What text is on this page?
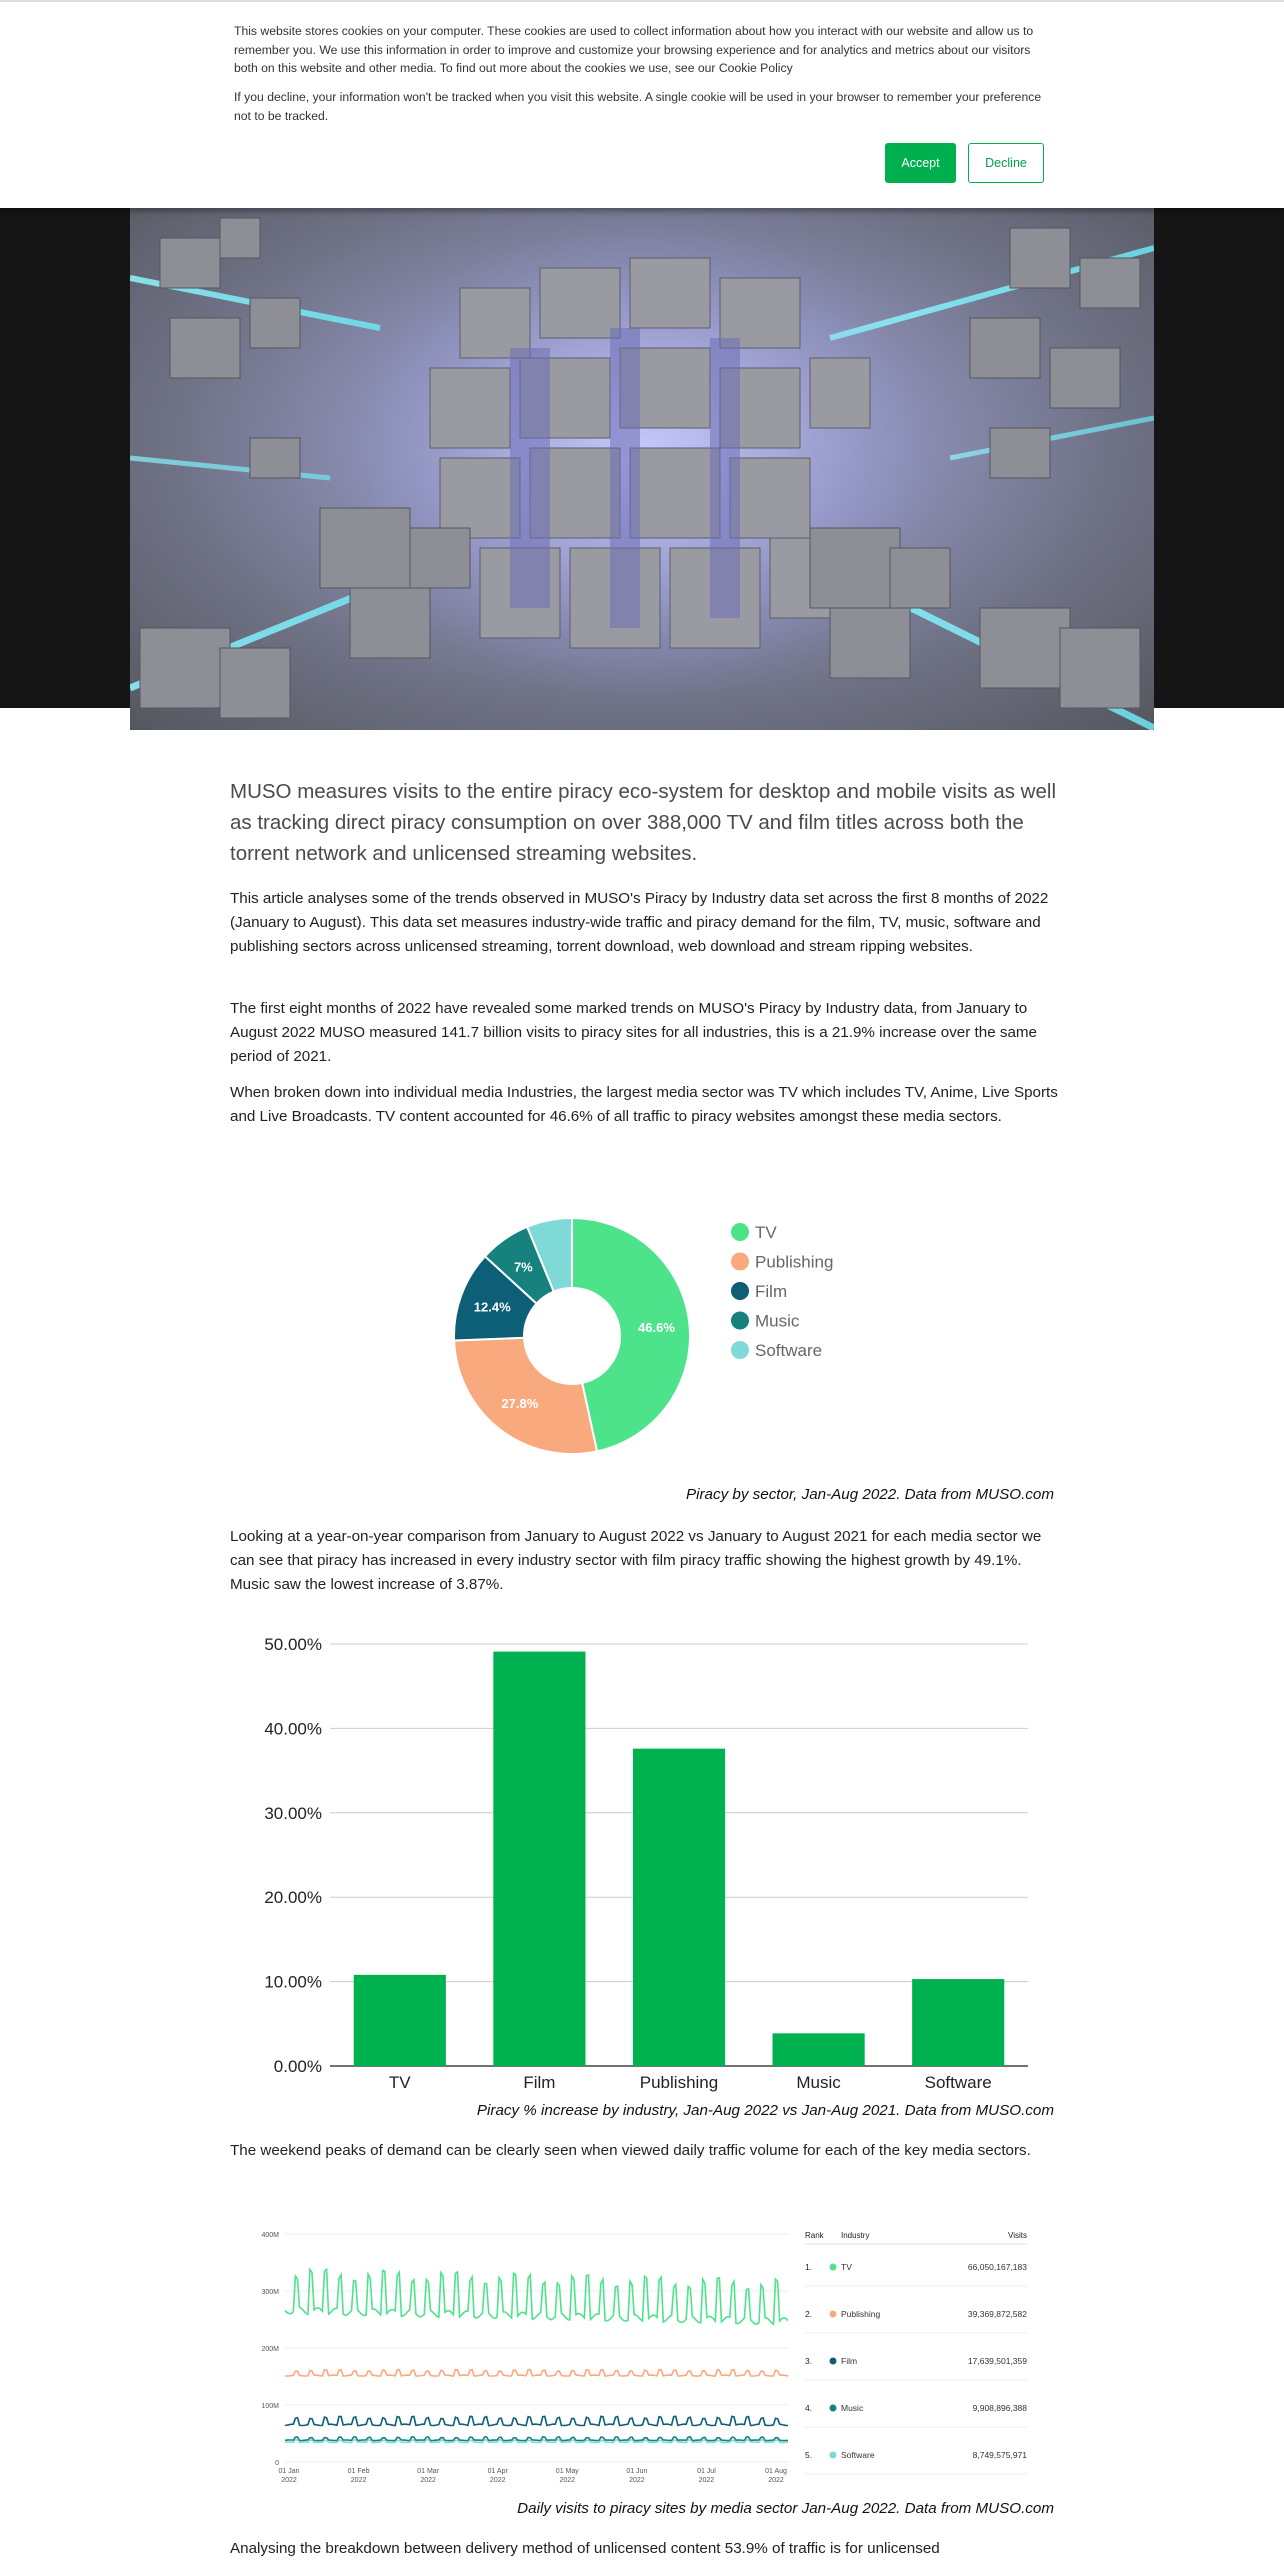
This website stores cookies on your computer. These cookies are used to collect information about how you interact with our website and allow us to remember you. We use this information in order to improve and customize your browsing experience and for analytics and metrics about our visitors both on this website and other media. To find out more about the cookies we use, see our Cookie Policy

If you decline, your information won't be tracked when you visit this website. A single cookie will be used in your browser to remember your preference not to be tracked.

Accept	Decline
MUSO measures visits to the entire piracy eco-system for desktop and mobile visits as well as tracking direct piracy consumption on over 388,000 TV and film titles across both the torrent network and unlicensed streaming websites.
This article analyses some of the trends observed in MUSO's Piracy by Industry data set across the first 8 months of 2022 (January to August). This data set measures industry-wide traffic and piracy demand for the film, TV, music, software and publishing sectors across unlicensed streaming, torrent download, web download and stream ripping websites.
The first eight months of 2022 have revealed some marked trends on MUSO's Piracy by Industry data, from January to August 2022 MUSO measured 141.7 billion visits to piracy sites for all industries, this is a 21.9% increase over the same period of 2021.
When broken down into individual media Industries, the largest media sector was TV which includes TV, Anime, Live Sports and Live Broadcasts. TV content accounted for 46.6% of all traffic to piracy websites amongst these media sectors.
46.6%
27.8%
12.4%
7%
TV
Publishing
Film
Music
Software
Piracy by sector, Jan-Aug 2022. Data from MUSO.com
Looking at a year-on-year comparison from January to August 2022 vs January to August 2021 for each media sector we can see that piracy has increased in every industry sector with film piracy traffic showing the highest growth by 49.1%. Music saw the lowest increase of 3.87%.
0.00%
10.00%
20.00%
30.00%
40.00%
50.00%
TV	Film	Publishing	Music	Software
Piracy % increase by industry, Jan-Aug 2022 vs Jan-Aug 2021. Data from MUSO.com
The weekend peaks of demand can be clearly seen when viewed daily traffic volume for each of the key media sectors.
0
100M
200M
300M
400M
01 Jan
2022
01 Feb
2022
01 Mar
2022
01 Apr
2022
01 May
2022
01 Jun
2022
01 Jul
2022
01 Aug
2022
Rank Industry	Visits
1.	TV	66,050,167,183
2.	Publishing	39,369,872,582
3.	Film	17,639,501,359
4.	Music	9,908,896,388
5.	Software	8,749,575,971
Daily visits to piracy sites by media sector Jan-Aug 2022. Data from MUSO.com
Analysing the breakdown between delivery method of unlicensed content 53.9% of traffic is for unlicensed
